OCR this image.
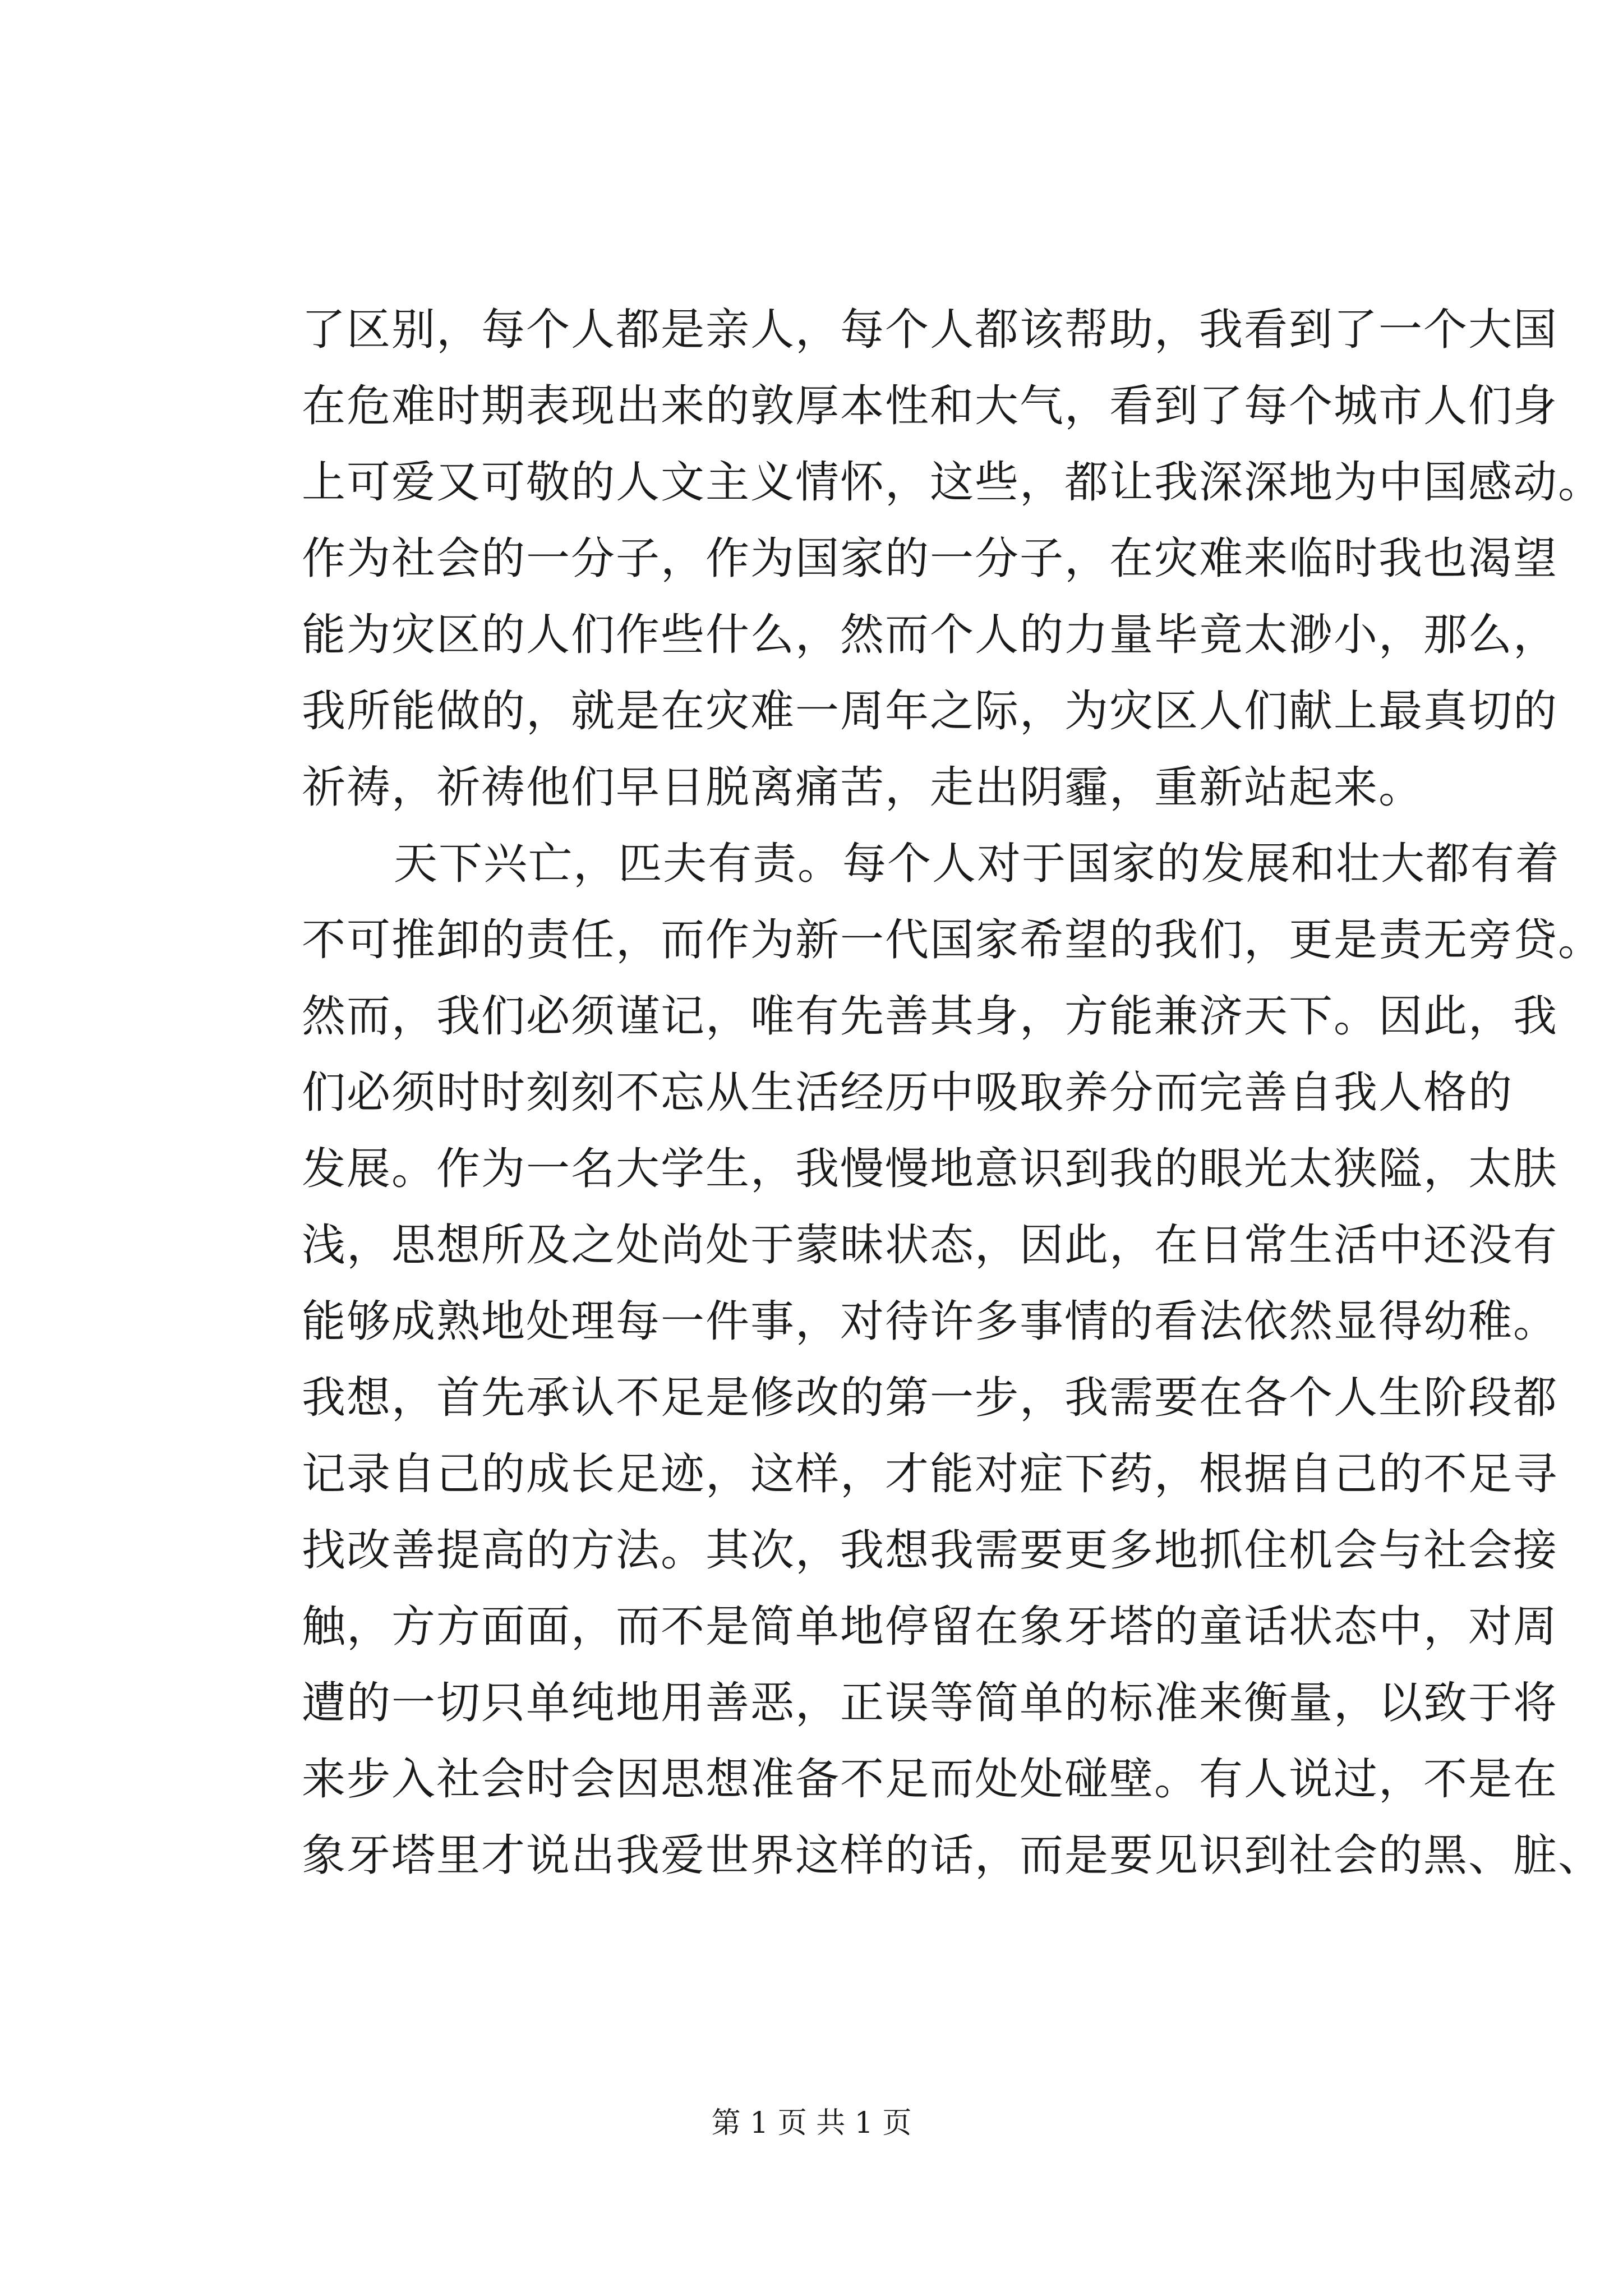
了区别，每个人都是亲人，每个人都该帮助，我看到了一个大国
在危难时期表现出来的敦厚本性和大气，看到了每个城市人们身
上可爱又可敬的人文主义情怀，这些，都让我深深地为中国感动。
作为社会的一分子，作为国家的一分子，在灾难来临时我也渴望
能为灾区的人们作些什么，然而个人的力量毕竟太渺小，那么，
我所能做的，就是在灾难一周年之际，为灾区人们献上最真切的
祈祷，祈祷他们早日脱离痛苦，走出阴霾，重新站起来。
天下兴亡，匹夫有责。每个人对于国家的发展和壮大都有着
不可推卸的责任，而作为新一代国家希望的我们，更是责无旁贷。
然而，我们必须谨记，唯有先善其身，方能兼济天下。因此，我
们必须时时刻刻不忘从生活经历中吸取养分而完善自我人格的
发展。作为一名大学生，我慢慢地意识到我的眼光太狭隘，太肤
浅，思想所及之处尚处于蒙昧状态，因此，在日常生活中还没有
能够成熟地处理每一件事，对待许多事情的看法依然显得幼稚。
我想，首先承认不足是修改的第一步，我需要在各个人生阶段都
记录自己的成长足迹，这样，才能对症下药，根据自己的不足寻
找改善提高的方法。其次，我想我需要更多地抓住机会与社会接
触，方方面面，而不是简单地停留在象牙塔的童话状态中，对周
遭的一切只单纯地用善恶，正误等简单的标准来衡量，以致于将
来步入社会时会因思想准备不足而处处碰壁。有人说过，不是在
象牙塔里才说出我爱世界这样的话，而是要见识到社会的黑、脏、
第 1 页 共 1 页
